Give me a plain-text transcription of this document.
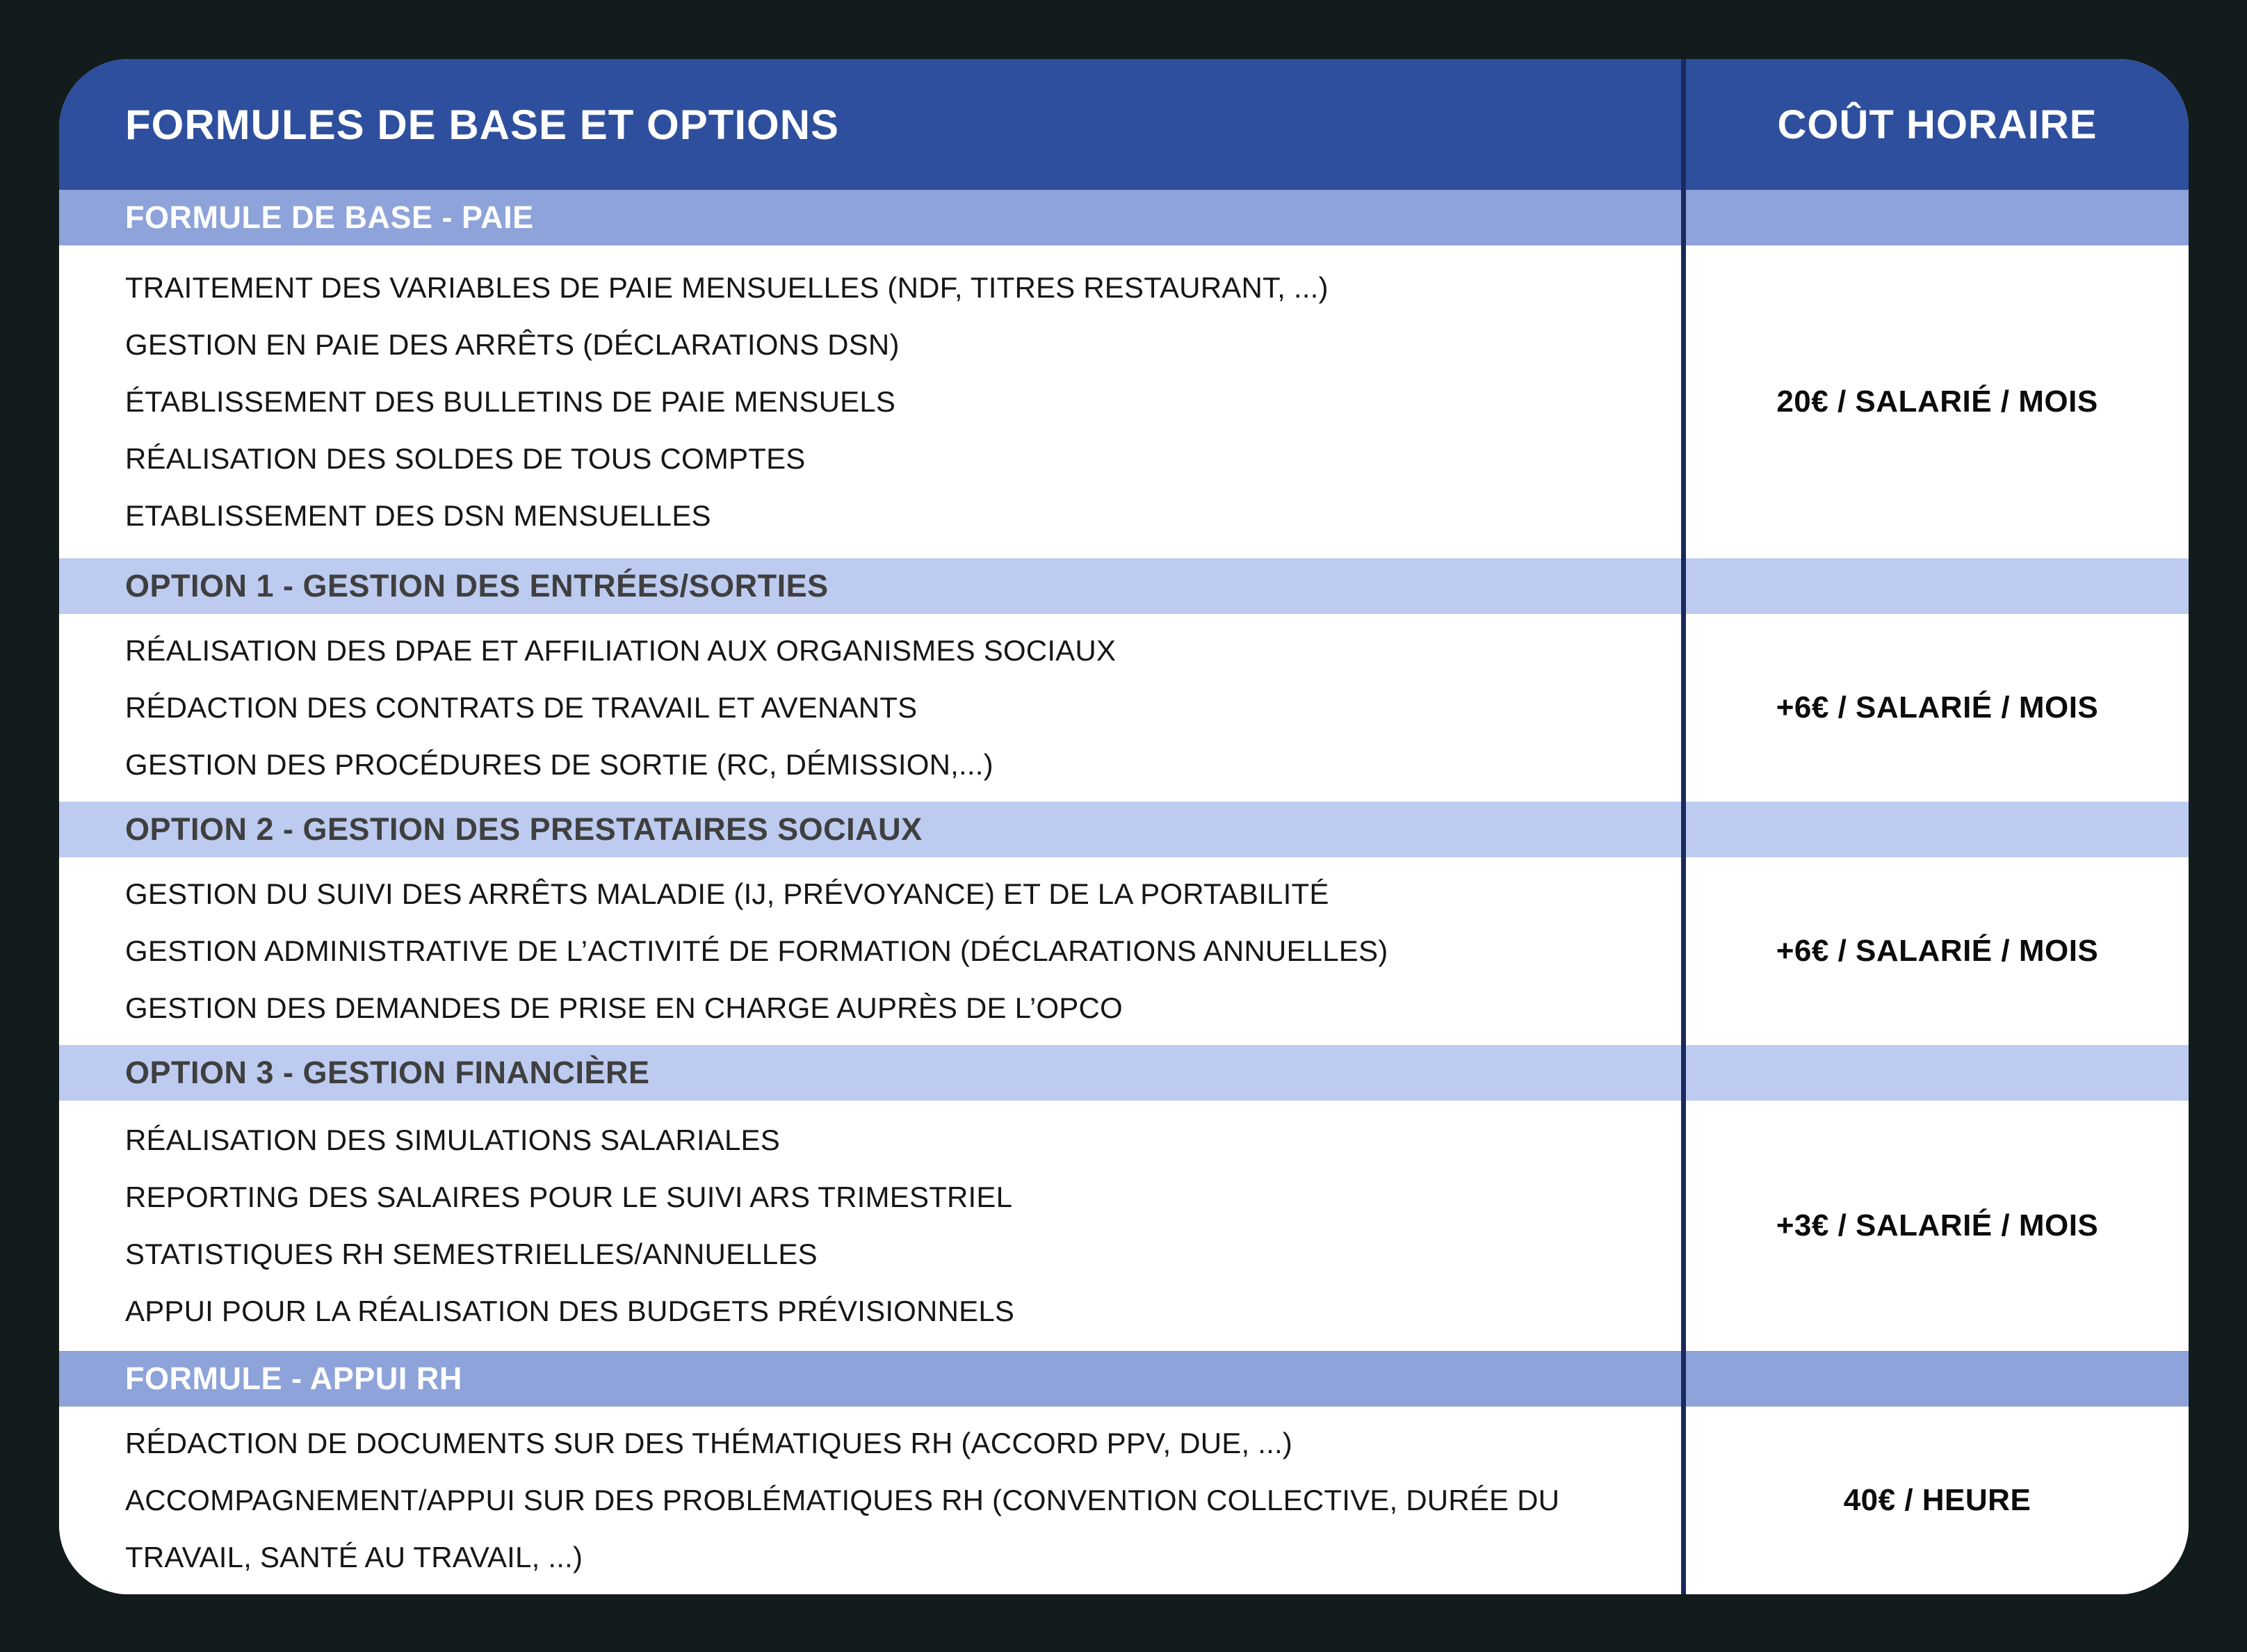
FORMULES DE BASE ET OPTIONS	COÛT HORAIRE
FORMULE DE BASE - PAIE
TRAITEMENT DES VARIABLES DE PAIE MENSUELLES (NDF, TITRES RESTAURANT, ...)
GESTION EN PAIE DES ARRÊTS (DÉCLARATIONS DSN)
ÉTABLISSEMENT DES BULLETINS DE PAIE MENSUELS
RÉALISATION DES SOLDES DE TOUS COMPTES
ETABLISSEMENT DES DSN MENSUELLES
20€ / SALARIÉ / MOIS
OPTION 1 - GESTION DES ENTRÉES/SORTIES
RÉALISATION DES DPAE ET AFFILIATION AUX ORGANISMES SOCIAUX
RÉDACTION DES CONTRATS DE TRAVAIL ET AVENANTS
GESTION DES PROCÉDURES DE SORTIE (RC, DÉMISSION,...)
+6€ / SALARIÉ / MOIS
OPTION 2 - GESTION DES PRESTATAIRES SOCIAUX
GESTION DU SUIVI DES ARRÊTS MALADIE (IJ, PRÉVOYANCE) ET DE LA PORTABILITÉ
GESTION ADMINISTRATIVE DE L’ACTIVITÉ DE FORMATION (DÉCLARATIONS ANNUELLES)
GESTION DES DEMANDES DE PRISE EN CHARGE AUPRÈS DE L’OPCO
+6€ / SALARIÉ / MOIS
OPTION 3 - GESTION FINANCIÈRE
RÉALISATION DES SIMULATIONS SALARIALES
REPORTING DES SALAIRES POUR LE SUIVI ARS TRIMESTRIEL
STATISTIQUES RH SEMESTRIELLES/ANNUELLES
APPUI POUR LA RÉALISATION DES BUDGETS PRÉVISIONNELS
+3€ / SALARIÉ / MOIS
FORMULE - APPUI RH
RÉDACTION DE DOCUMENTS SUR DES THÉMATIQUES RH (ACCORD PPV, DUE, ...)
ACCOMPAGNEMENT/APPUI SUR DES PROBLÉMATIQUES RH (CONVENTION COLLECTIVE, DURÉE DU TRAVAIL, SANTÉ AU TRAVAIL, ...)
40€ / HEURE
